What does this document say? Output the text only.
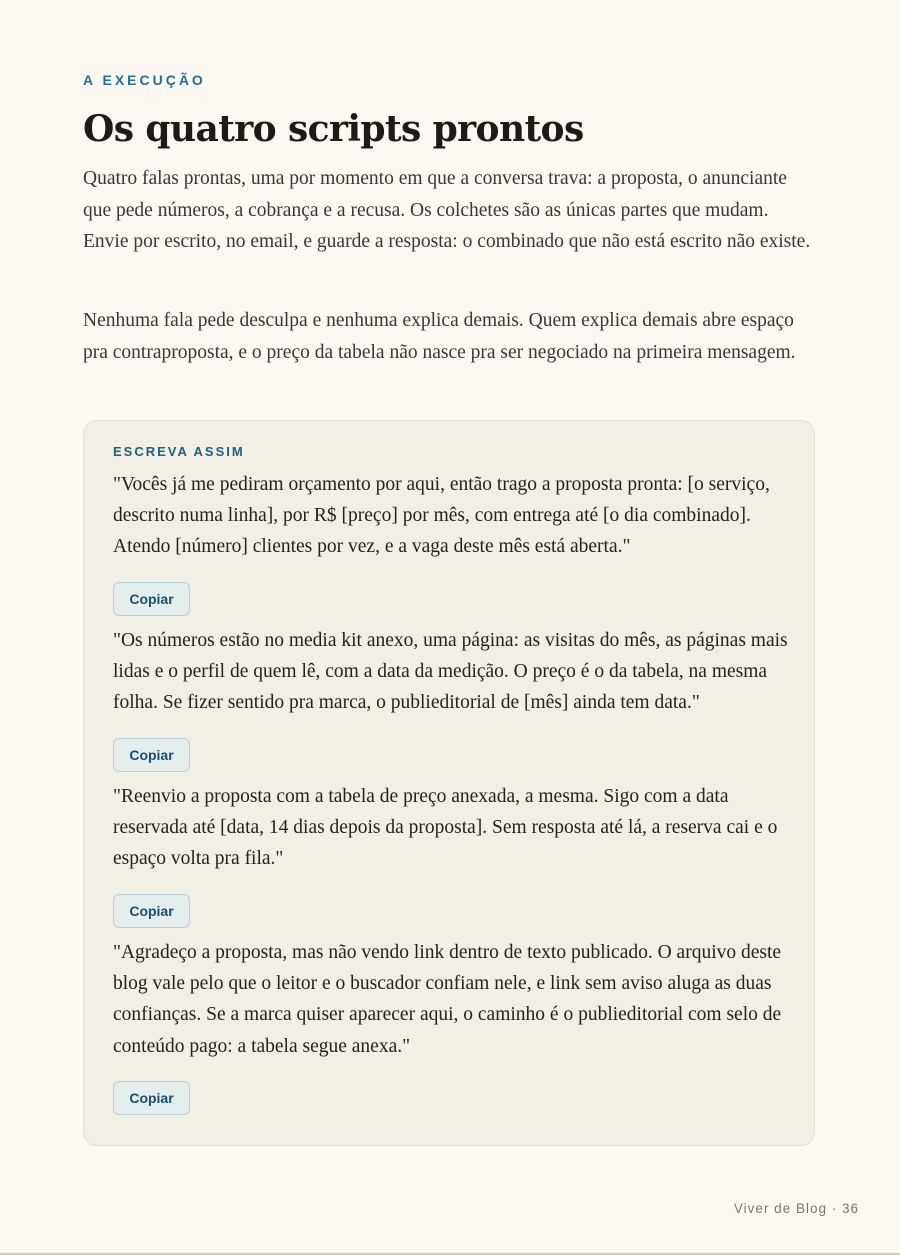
A EXECUÇÃO

Os quatro scripts prontos

Quatro falas prontas, uma por momento em que a conversa trava: a proposta, o anunciante que pede números, a cobrança e a recusa. Os colchetes são as únicas partes que mudam. Envie por escrito, no email, e guarde a resposta: o combinado que não está escrito não existe.

Nenhuma fala pede desculpa e nenhuma explica demais. Quem explica demais abre espaço pra contraproposta, e o preço da tabela não nasce pra ser negociado na primeira mensagem.

ESCREVA ASSIM

"Vocês já me pediram orçamento por aqui, então trago a proposta pronta: [o serviço, descrito numa linha], por R$ [preço] por mês, com entrega até [o dia combinado]. Atendo [número] clientes por vez, e a vaga deste mês está aberta."

Copiar

"Os números estão no media kit anexo, uma página: as visitas do mês, as páginas mais lidas e o perfil de quem lê, com a data da medição. O preço é o da tabela, na mesma folha. Se fizer sentido pra marca, o publieditorial de [mês] ainda tem data."

Copiar

"Reenvio a proposta com a tabela de preço anexada, a mesma. Sigo com a data reservada até [data, 14 dias depois da proposta]. Sem resposta até lá, a reserva cai e o espaço volta pra fila."

Copiar

"Agradeço a proposta, mas não vendo link dentro de texto publicado. O arquivo deste blog vale pelo que o leitor e o buscador confiam nele, e link sem aviso aluga as duas confianças. Se a marca quiser aparecer aqui, o caminho é o publieditorial com selo de conteúdo pago: a tabela segue anexa."

Copiar

Viver de Blog · 36
